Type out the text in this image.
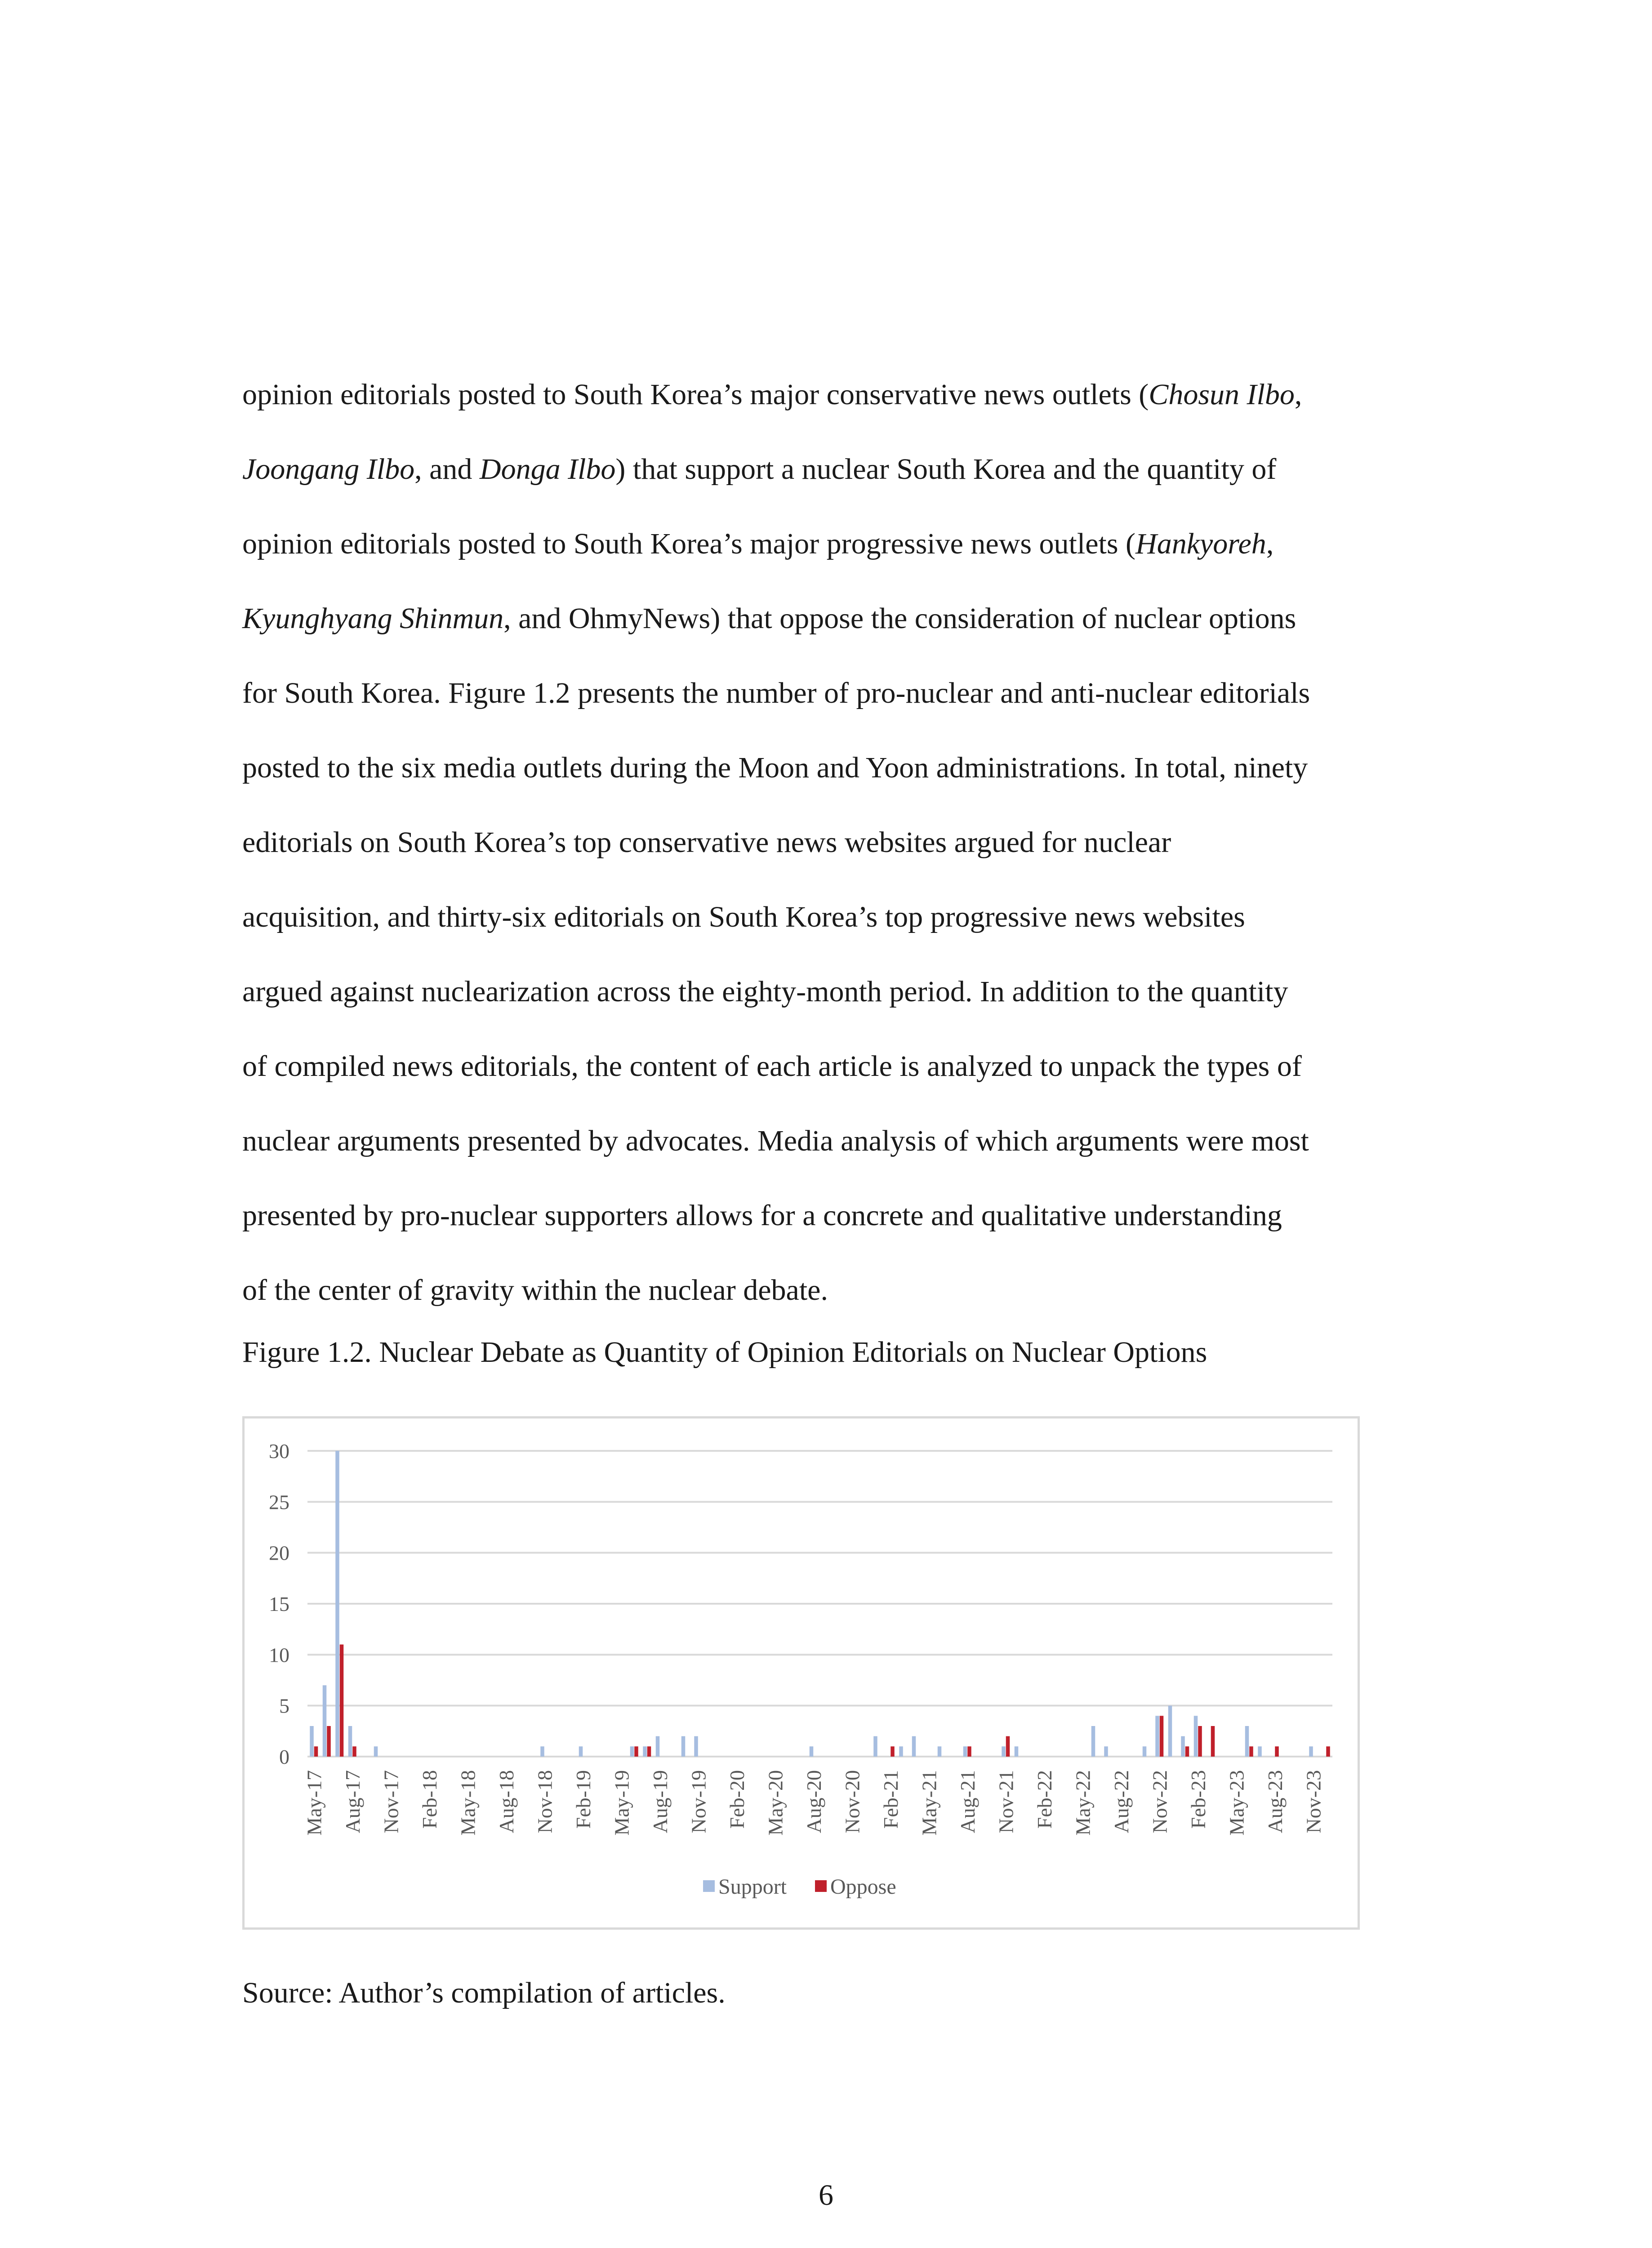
opinion editorials posted to South Korea’s major conservative news outlets (Chosun Ilbo,
Joongang Ilbo, and Donga Ilbo) that support a nuclear South Korea and the quantity of
opinion editorials posted to South Korea’s major progressive news outlets (Hankyoreh,
Kyunghyang Shinmun, and OhmyNews) that oppose the consideration of nuclear options
for South Korea. Figure 1.2 presents the number of pro-nuclear and anti-nuclear editorials
posted to the six media outlets during the Moon and Yoon administrations. In total, ninety
editorials on South Korea’s top conservative news websites argued for nuclear
acquisition, and thirty-six editorials on South Korea’s top progressive news websites
argued against nuclearization across the eighty-month period. In addition to the quantity
of compiled news editorials, the content of each article is analyzed to unpack the types of
nuclear arguments presented by advocates. Media analysis of which arguments were most
presented by pro-nuclear supporters allows for a concrete and qualitative understanding
of the center of gravity within the nuclear debate.
Figure 1.2. Nuclear Debate as Quantity of Opinion Editorials on Nuclear Options
0
5
10
15
20
25
30
May-17 Aug-17 Nov-17 Feb-18 May-18 Aug-18 Nov-18 Feb-19 May-19 Aug-19 Nov-19 Feb-20 May-20 Aug-20 Nov-20 Feb-21 May-21 Aug-21 Nov-21 Feb-22 May-22 Aug-22 Nov-22 Feb-23 May-23 Aug-23 Nov-23
Support Oppose
Source: Author’s compilation of articles.
6
